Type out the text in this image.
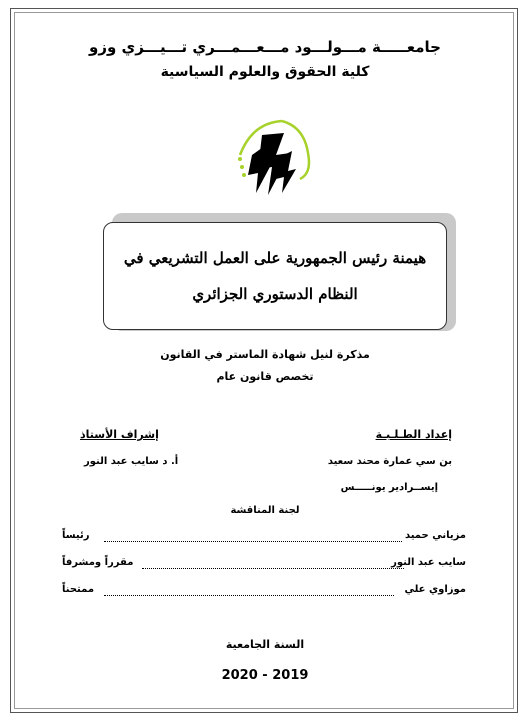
جامعـــــة مـــولـــود مـــعـــمـــري تـــيـــزي وزو
كلية الحقوق والعلوم السياسية
هيمنة رئيس الجمهورية على العمل التشريعي في
النظام الدستوري الجزائري
مذكرة لنيل شهادة الماستر في القانون
تخصص قانون عام
إعداد الطـلـبـة
إشراف الأستاذ
بن سي عمارة محند سعيد
أ. د سايب عبد النور
إيســرادير يونـــــس
لجنة المناقشة
مزياني حميد
رئيساً
سايب عبد النور
مقرراً ومشرفاً
موزاوي علي
ممتحناً
السنة الجامعية
2020 - 2019
